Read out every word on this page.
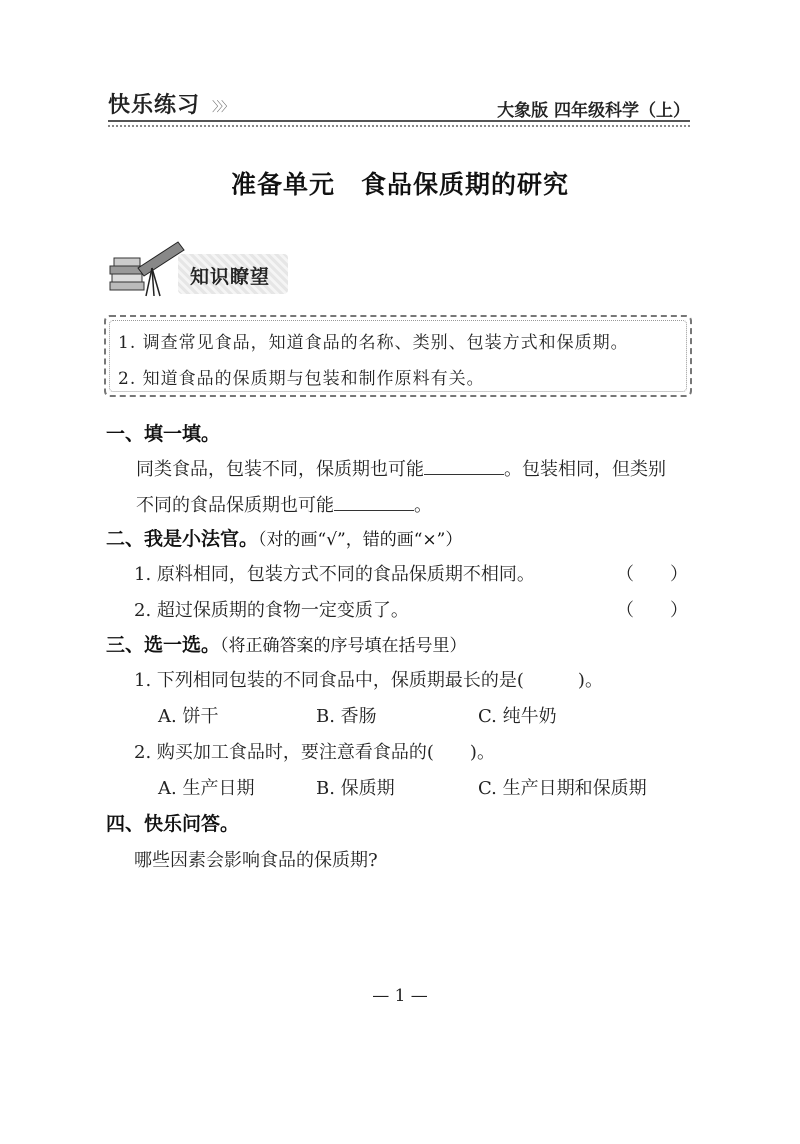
快乐练习 〉〉〉	大象版 四年级科学（上）
准备单元　食品保质期的研究
知识瞭望
1. 调查常见食品，知道食品的名称、类别、包装方式和保质期。
2. 知道食品的保质期与包装和制作原料有关。
一、填一填。
同类食品，包装不同，保质期也可能	。包装相同，但类别
不同的食品保质期也可能	。
二、我是小法官。（对的画“√”，错的画“×”）
1. 原料相同，包装方式不同的食品保质期不相同。	（　　）
2. 超过保质期的食物一定变质了。	（　　）
三、选一选。（将正确答案的序号填在括号里）
1. 下列相同包装的不同食品中，保质期最长的是(　　　	)。
A. 饼干	B. 香肠	C. 纯牛奶
2. 购买加工食品时，要注意看食品的(　　 )。
A. 生产日期	B. 保质期	C. 生产日期和保质期
四、快乐问答。
哪些因素会影响食品的保质期?
— 1 —
